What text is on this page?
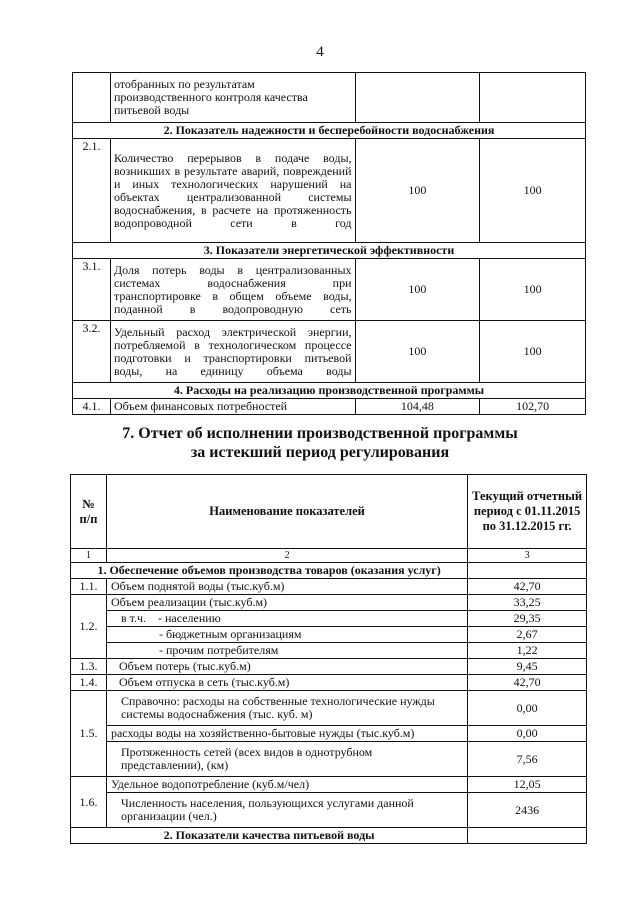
4
	отобранных по результатам производственного контроля качества питьевой воды		
2. Показатель надежности и бесперебойности водоснабжения			
2.1.	Количество перерывов в подаче воды, возникших в результате аварий, повреждений и иных технологических нарушений на объектах централизованной системы водоснабжения, в расчете на протяженность водопроводной сети в год	100	100
3. Показатели энергетической эффективности			
3.1.	Доля потерь воды в централизованных системах водоснабжения при транспортировке в общем объеме воды, поданной в водопроводную сеть	100	100
3.2.	Удельный расход электрической энергии, потребляемой в технологическом процессе подготовки и транспортировки питьевой воды, на единицу объема воды	100	100
4. Расходы на реализацию производственной программы			
4.1.	Объем финансовых потребностей	104,48	102,70
7. Отчет об исполнении производственной программы
за истекший период регулирования
№ п/п	Наименование показателей	Текущий отчетный период с 01.11.2015 по 31.12.2015 гг.
1	2	3
1. Обеспечение объемов производства товаров (оказания услуг)		
1.1.	Объем поднятой воды (тыс.куб.м)	42,70
1.2.	Объем реализации (тыс.куб.м)	33,25
	в т.ч.    - населению	29,35
	- бюджетным организациям	2,67
	- прочим потребителям	1,22
1.3.	Объем потерь (тыс.куб.м)	9,45
1.4.	Объем отпуска в сеть (тыс.куб.м)	42,70
1.5.	Справочно: расходы на собственные технологические нужды системы водоснабжения (тыс. куб. м)	0,00
	расходы воды на хозяйственно-бытовые нужды (тыс.куб.м)	0,00
	Протяженность сетей (всех видов в однотрубном представлении), (км)	7,56
1.6.	Удельное водопотребление (куб.м/чел)	12,05
	Численность населения, пользующихся услугами данной организации (чел.)	2436
2. Показатели качества питьевой воды		
